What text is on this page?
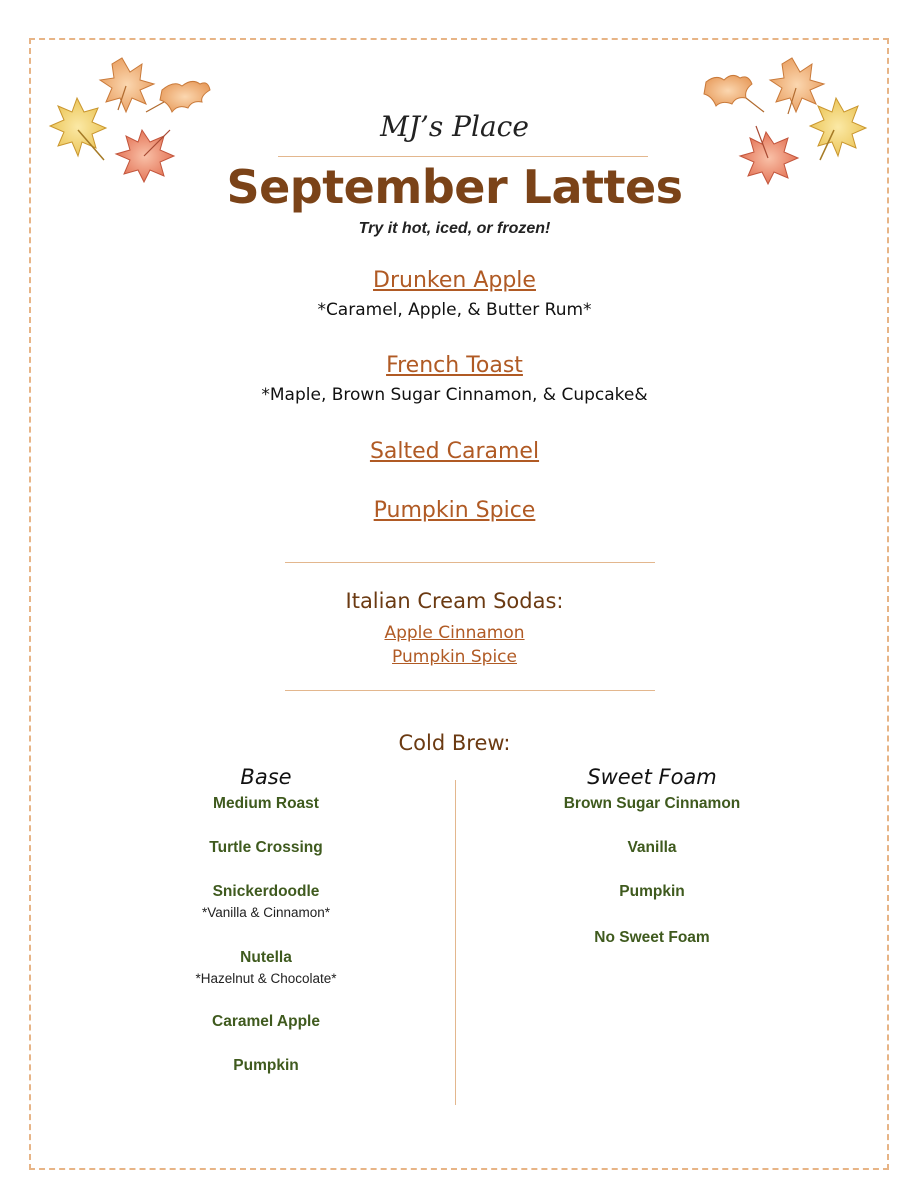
MJ’s Place
September Lattes
Try it hot, iced, or frozen!
Drunken Apple
*Caramel, Apple, & Butter Rum*
French Toast
*Maple, Brown Sugar Cinnamon, & Cupcake&
Salted Caramel
Pumpkin Spice
Italian Cream Sodas:
Apple Cinnamon
Pumpkin Spice
Cold Brew:
Base
Medium Roast
Turtle Crossing
Snickerdoodle
*Vanilla & Cinnamon*
Nutella
*Hazelnut & Chocolate*
Caramel Apple
Pumpkin
Sweet Foam
Brown Sugar Cinnamon
Vanilla
Pumpkin
No Sweet Foam
